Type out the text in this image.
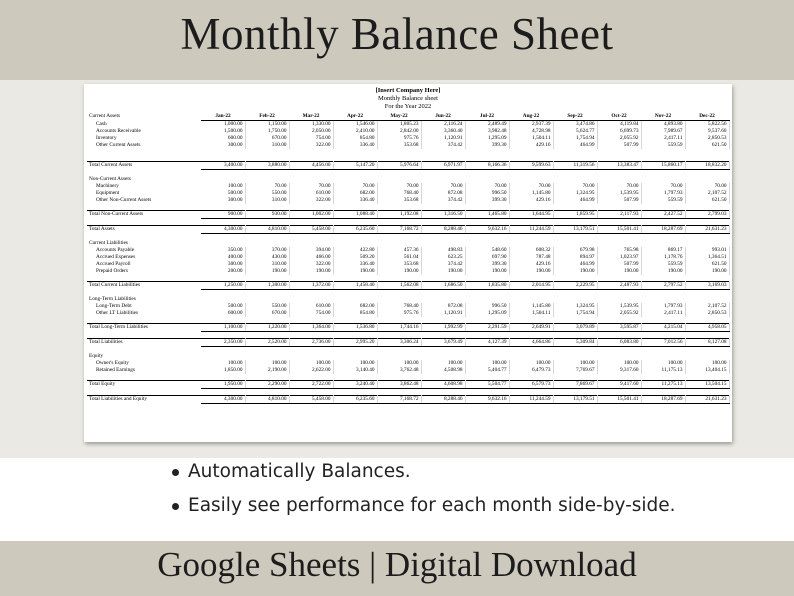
Monthly Balance Sheet
[Insert Company Here]
Monthly Balance sheet
For the Year 2022
Current Assets	Jan-22	Feb-22	Mar-22	Apr-22	May-22	Jun-22	Jul-22	Aug-22	Sep-22	Oct-22	Nov-22	Dec-22
Cash	1,000.00	1,150.00	1,330.00	1,546.00	1,805.23	2,116.24	2,489.49	2,937.39	3,474.86	4,119.84	4,893.80	5,822.56
Accounts Receivable	1,500.00	1,750.00	2,050.00	2,410.00	2,842.00	3,360.40	3,982.48	4,728.98	5,624.77	6,699.73	7,989.67	9,537.60
Inventory	600.00	670.00	754.00	854.80	975.76	1,120.91	1,295.09	1,504.11	1,754.94	2,055.92	2,417.11	2,850.53
Other Current Assets	300.00	310.00	322.00	336.40	353.68	374.42	399.30	429.16	464.99	507.99	559.59	621.50

Total Current Assets	3,400.00	3,880.00	4,456.00	5,147.20	5,976.64	6,971.97	8,166.36	9,599.63	11,319.56	13,383.47	15,860.17	18,832.20

Non-Current Assets												
Machinery	100.00	70.00	70.00	70.00	70.00	70.00	70.00	70.00	70.00	70.00	70.00	70.00
Equipment	500.00	550.00	610.00	682.00	768.40	872.08	996.50	1,145.80	1,324.95	1,539.95	1,797.93	2,107.52
Other Non-Current Assets	300.00	310.00	322.00	336.40	353.68	374.42	399.30	429.16	464.99	507.99	559.59	621.50

Total Non-Current Assets	900.00	930.00	1,002.00	1,088.40	1,192.08	1,316.50	1,465.80	1,644.95	1,859.95	2,117.93	2,427.52	2,799.03

Total Assets	4,300.00	4,810.00	5,458.00	6,235.60	7,168.72	8,288.46	9,632.16	11,244.59	13,179.51	15,501.41	18,287.69	21,631.23

Current Liabilities												
Accounts Payable	350.00	370.00	394.00	422.80	457.36	498.83	548.60	608.32	679.98	765.98	869.17	993.01
Accrued Expenses	400.00	430.00	466.00	509.20	561.04	623.25	697.90	787.48	894.97	1,023.97	1,178.76	1,364.51
Accrued Payroll	300.00	310.00	322.00	336.40	353.68	374.42	399.30	429.16	464.99	507.99	559.59	621.50
Prepaid Orders	200.00	190.00	190.00	190.00	190.00	190.00	190.00	190.00	190.00	190.00	190.00	190.00

Total Current Liabilities	1,250.00	1,300.00	1,372.00	1,458.40	1,562.08	1,686.50	1,835.80	2,014.95	2,229.95	2,487.93	2,797.52	3,169.03

Long-Term Liabilities												
Long-Term Debt	500.00	550.00	610.00	682.00	768.40	872.08	996.50	1,145.80	1,324.95	1,539.95	1,797.93	2,107.52
Other LT Liabilities	600.00	670.00	754.00	854.80	975.76	1,120.91	1,295.09	1,504.11	1,754.94	2,055.92	2,417.11	2,850.53

Total Long-Term Liabilities	1,100.00	1,220.00	1,364.00	1,536.80	1,744.16	1,992.99	2,291.59	2,649.91	3,079.89	3,595.87	4,215.04	4,958.05

Total Liabilities	2,350.00	2,520.00	2,736.00	2,995.20	3,306.24	3,679.49	4,127.39	4,664.86	5,309.84	6,083.80	7,012.56	8,127.08

Equity												
Owner's Equity	100.00	100.00	100.00	100.00	100.00	100.00	100.00	100.00	100.00	100.00	100.00	100.00
Retained Earnings	1,850.00	2,190.00	2,622.00	3,140.40	3,762.48	4,508.98	5,404.77	6,479.73	7,769.67	9,317.60	11,175.13	13,404.15

Total Equity	1,950.00	2,290.00	2,722.00	3,240.40	3,862.48	4,608.98	5,504.77	6,579.73	7,869.67	9,417.60	11,275.13	13,504.15

Total Liabilities and Equity	4,300.00	4,810.00	5,458.00	6,235.60	7,168.72	8,288.46	9,632.16	11,244.59	13,179.51	15,501.41	18,287.69	21,631.23
Automatically Balances.
Easily see performance for each month side-by-side.
Google Sheets | Digital Download
